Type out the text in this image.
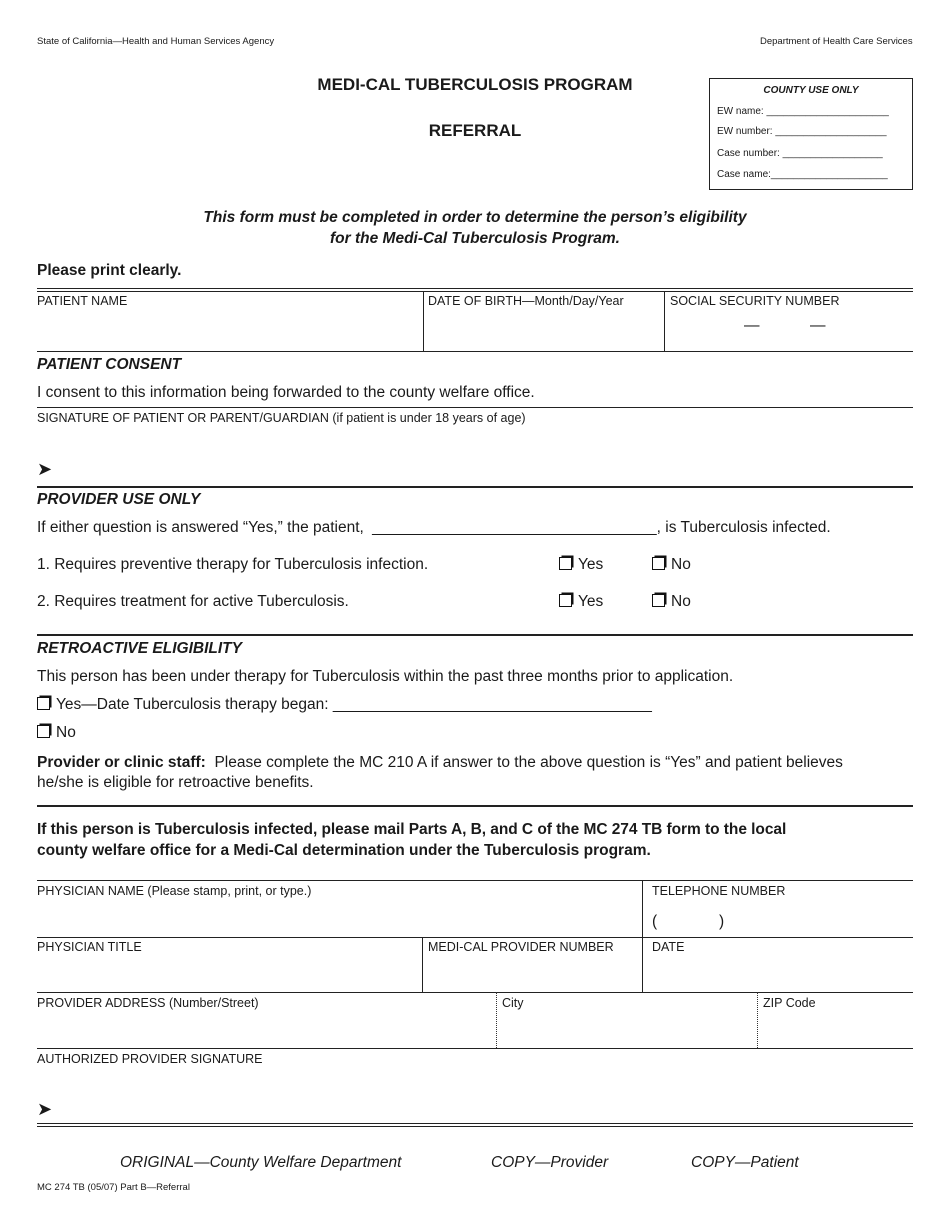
State of California—Health and Human Services Agency	Department of Health Care Services
MEDI-CAL TUBERCULOSIS PROGRAM
REFERRAL
COUNTY USE ONLY
EW name: ______________________
EW number: ____________________
Case number: __________________
Case name:_____________________
This form must be completed in order to determine the person’s eligibility
for the Medi-Cal Tuberculosis Program.
Please print clearly.
PATIENT NAME	DATE OF BIRTH—Month/Day/Year	SOCIAL SECURITY NUMBER
—	—
PATIENT CONSENT
I consent to this information being forwarded to the county welfare office.
SIGNATURE OF PATIENT OR PARENT/GUARDIAN (if patient is under 18 years of age)
➤
PROVIDER USE ONLY
If either question is answered “Yes,” the patient, _________________________________, is Tuberculosis infected.
1. Requires preventive therapy for Tuberculosis infection.	Yes	No
2. Requires treatment for active Tuberculosis.	Yes	No
RETROACTIVE ELIGIBILITY
This person has been under therapy for Tuberculosis within the past three months prior to application.
Yes—Date Tuberculosis therapy began: _____________________________________
No
Provider or clinic staff: Please complete the MC 210 A if answer to the above question is “Yes” and patient believes
he/she is eligible for retroactive benefits.
If this person is Tuberculosis infected, please mail Parts A, B, and C of the MC 274 TB form to the local
county welfare office for a Medi-Cal determination under the Tuberculosis program.
PHYSICIAN NAME (Please stamp, print, or type.)	TELEPHONE NUMBER
(	)
PHYSICIAN TITLE	MEDI-CAL PROVIDER NUMBER	DATE
PROVIDER ADDRESS (Number/Street)	City	ZIP Code
AUTHORIZED PROVIDER SIGNATURE
➤
ORIGINAL—County Welfare Department	COPY—Provider	COPY—Patient
MC 274 TB (05/07) Part B—Referral
